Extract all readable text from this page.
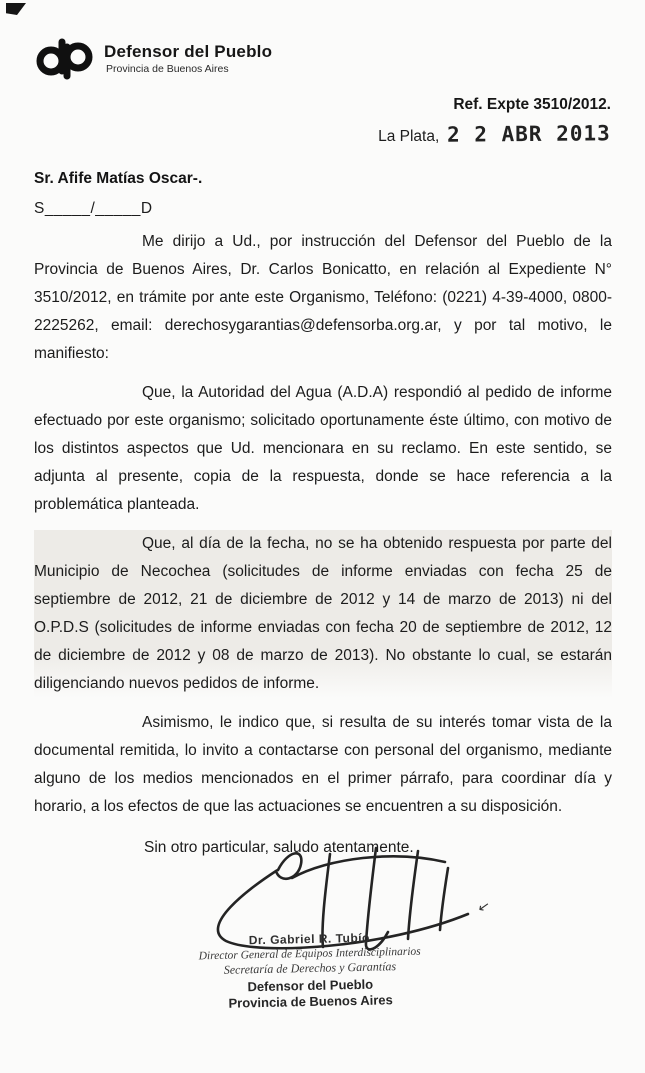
Defensor del Pueblo
Provincia de Buenos Aires
Ref. Expte 3510/2012.
La Plata, 2 2 ABR 2013
Sr. Afife Matías Oscar-.
S_____/_____D

Me dirijo a Ud., por instrucción del Defensor del Pueblo de la Provincia de Buenos Aires, Dr. Carlos Bonicatto, en relación al Expediente N° 3510/2012, en trámite por ante este Organismo, Teléfono: (0221) 4-39-4000, 0800-2225262, email: derechosygarantias@defensorba.org.ar, y por tal motivo, le manifiesto:

Que, la Autoridad del Agua (A.D.A) respondió al pedido de informe efectuado por este organismo; solicitado oportunamente éste último, con motivo de los distintos aspectos que Ud. mencionara en su reclamo. En este sentido, se adjunta al presente, copia de la respuesta, donde se hace referencia a la problemática planteada.

Que, al día de la fecha, no se ha obtenido respuesta por parte del Municipio de Necochea (solicitudes de informe enviadas con fecha 25 de septiembre de 2012, 21 de diciembre de 2012 y 14 de marzo de 2013) ni del O.P.D.S (solicitudes de informe enviadas con fecha 20 de septiembre de 2012, 12 de diciembre de 2012 y 08 de marzo de 2013). No obstante lo cual, se estarán diligenciando nuevos pedidos de informe.

Asimismo, le indico que, si resulta de su interés tomar vista de la documental remitida, lo invito a contactarse con personal del organismo, mediante alguno de los medios mencionados en el primer párrafo, para coordinar día y horario, a los efectos de que las actuaciones se encuentren a su disposición.

Sin otro particular, saludo atentamente.
↙
Dr. Gabriel R. Tubío
Director General de Equipos Interdisciplinarios
Secretaría de Derechos y Garantías
Defensor del Pueblo
Provincia de Buenos Aires
